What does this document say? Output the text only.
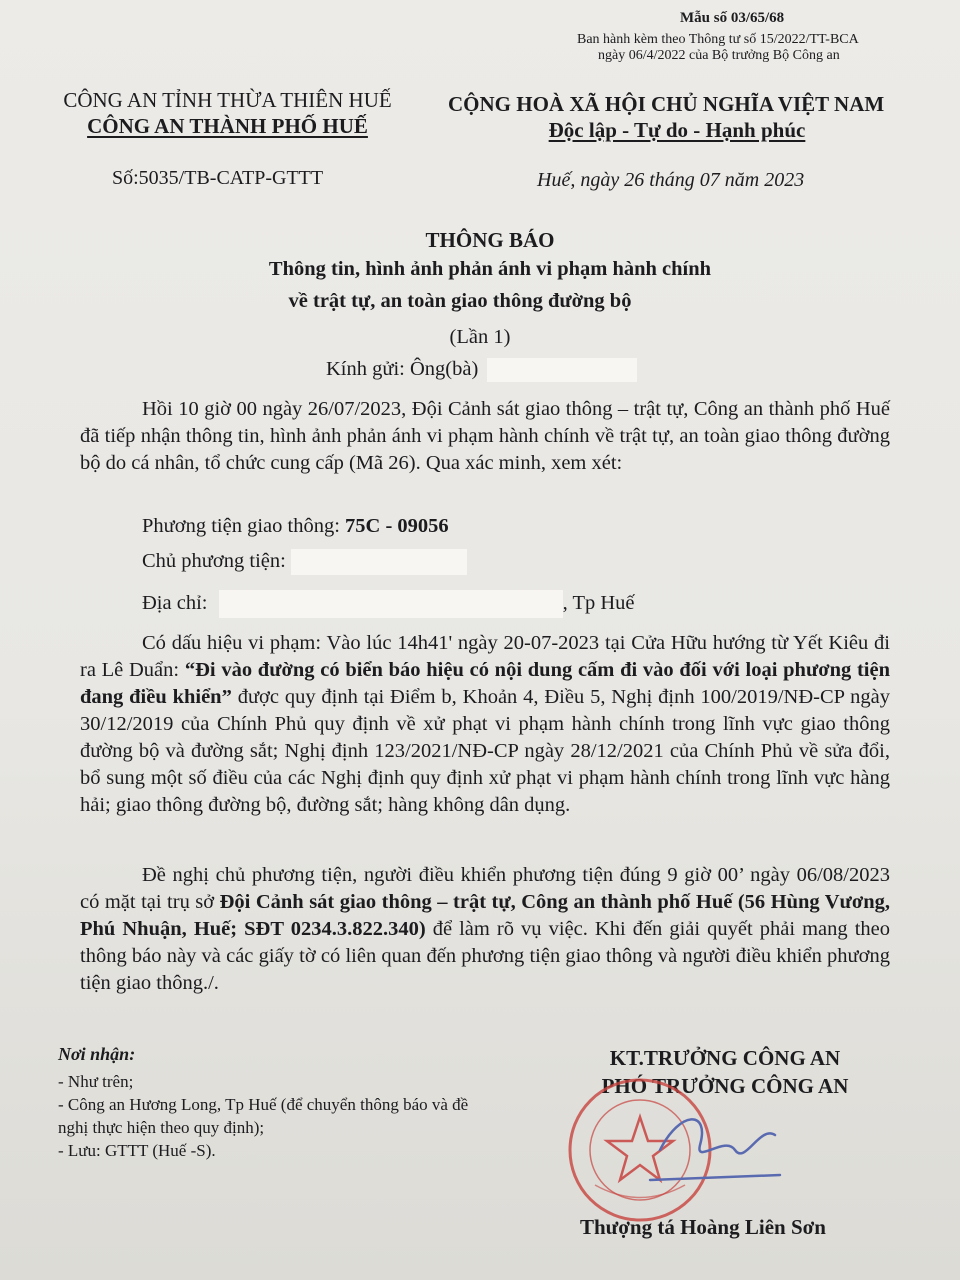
Mẫu số 03/65/68
Ban hành kèm theo Thông tư số 15/2022/TT-BCA
ngày 06/4/2022 của Bộ trưởng Bộ Công an
CÔNG AN TỈNH THỪA THIÊN HUẾ
CÔNG AN THÀNH PHỐ HUẾ
Số:5035/TB-CATP-GTTT
CỘNG HOÀ XÃ HỘI CHỦ NGHĨA VIỆT NAM
Độc lập - Tự do - Hạnh phúc
Huế, ngày 26 tháng 07 năm 2023
THÔNG BÁO
Thông tin, hình ảnh phản ánh vi phạm hành chính
về trật tự, an toàn giao thông đường bộ
(Lần 1)
Kính gửi: Ông(bà)
Hồi 10 giờ 00 ngày 26/07/2023, Đội Cảnh sát giao thông – trật tự, Công an thành phố Huế đã tiếp nhận thông tin, hình ảnh phản ánh vi phạm hành chính về trật tự, an toàn giao thông đường bộ do cá nhân, tổ chức cung cấp (Mã 26). Qua xác minh, xem xét:
Phương tiện giao thông: 75C - 09056
Chủ phương tiện:
Địa chỉ:	, Tp Huế
Có dấu hiệu vi phạm: Vào lúc 14h41' ngày 20-07-2023 tại Cửa Hữu hướng từ Yết Kiêu đi ra Lê Duẩn: “Đi vào đường có biển báo hiệu có nội dung cấm đi vào đối với loại phương tiện đang điều khiển” được quy định tại Điểm b, Khoản 4, Điều 5, Nghị định 100/2019/NĐ-CP ngày 30/12/2019 của Chính Phủ quy định về xử phạt vi phạm hành chính trong lĩnh vực giao thông đường bộ và đường sắt; Nghị định 123/2021/NĐ-CP ngày 28/12/2021 của Chính Phủ về sửa đổi, bổ sung một số điều của các Nghị định quy định xử phạt vi phạm hành chính trong lĩnh vực hàng hải; giao thông đường bộ, đường sắt; hàng không dân dụng.
Đề nghị chủ phương tiện, người điều khiển phương tiện đúng 9 giờ 00’ ngày 06/08/2023 có mặt tại trụ sở Đội Cảnh sát giao thông – trật tự, Công an thành phố Huế (56 Hùng Vương, Phú Nhuận, Huế; SĐT 0234.3.822.340) để làm rõ vụ việc. Khi đến giải quyết phải mang theo thông báo này và các giấy tờ có liên quan đến phương tiện giao thông và người điều khiển phương tiện giao thông./.
Nơi nhận:
- Như trên;
- Công an Hương Long, Tp Huế (để chuyển thông báo và đề nghị thực hiện theo quy định);
- Lưu: GTTT (Huế -S).
KT.TRƯỞNG CÔNG AN
PHÓ TRƯỞNG CÔNG AN
Thượng tá Hoàng Liên Sơn
